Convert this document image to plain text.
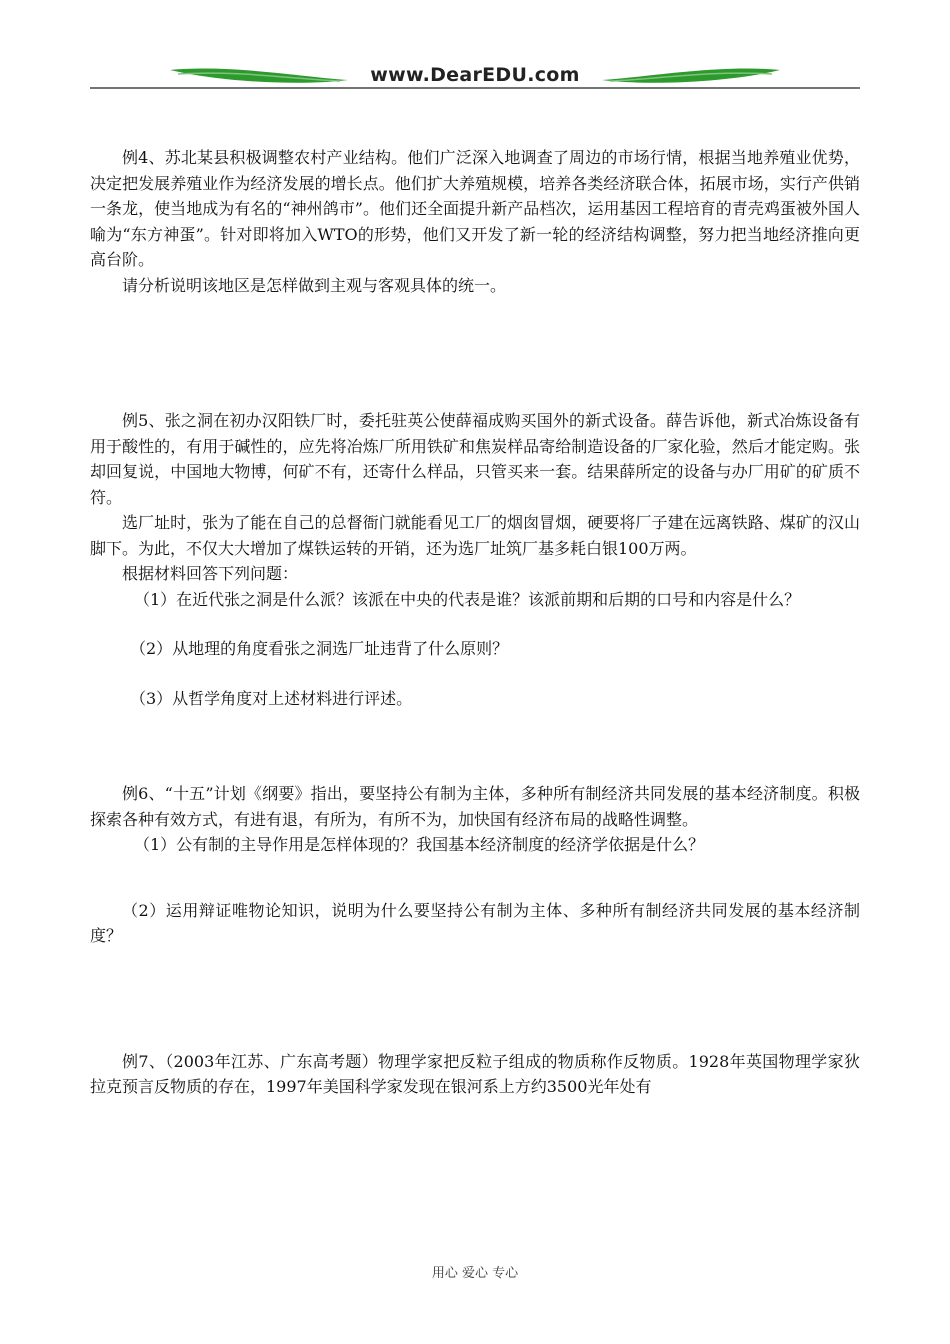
www.DearEDU.com

例4、苏北某县积极调整农村产业结构。他们广泛深入地调查了周边的市场行情，根据当地养殖业优势，决定把发展养殖业作为经济发展的增长点。他们扩大养殖规模，培养各类经济联合体，拓展市场，实行产供销一条龙，使当地成为有名的“神州鸽市”。他们还全面提升新产品档次，运用基因工程培育的青壳鸡蛋被外国人喻为“东方神蛋”。针对即将加入WTO的形势，他们又开发了新一轮的经济结构调整，努力把当地经济推向更高台阶。

请分析说明该地区是怎样做到主观与客观具体的统一。

例5、张之洞在初办汉阳铁厂时，委托驻英公使薛福成购买国外的新式设备。薛告诉他，新式冶炼设备有用于酸性的，有用于碱性的，应先将冶炼厂所用铁矿和焦炭样品寄给制造设备的厂家化验，然后才能定购。张却回复说，中国地大物博，何矿不有，还寄什么样品，只管买来一套。结果薛所定的设备与办厂用矿的矿质不符。

选厂址时，张为了能在自己的总督衙门就能看见工厂的烟囱冒烟，硬要将厂子建在远离铁路、煤矿的汉山脚下。为此，不仅大大增加了煤铁运转的开销，还为选厂址筑厂基多耗白银100万两。

根据材料回答下列问题：

（1）在近代张之洞是什么派？该派在中央的代表是谁？该派前期和后期的口号和内容是什么？

（2）从地理的角度看张之洞选厂址违背了什么原则？

（3）从哲学角度对上述材料进行评述。

例6、“十五”计划《纲要》指出，要坚持公有制为主体，多种所有制经济共同发展的基本经济制度。积极探索各种有效方式，有进有退，有所为，有所不为，加快国有经济布局的战略性调整。

（1）公有制的主导作用是怎样体现的？我国基本经济制度的经济学依据是什么？

（2）运用辩证唯物论知识，说明为什么要坚持公有制为主体、多种所有制经济共同发展的基本经济制度？

例7、（2003年江苏、广东高考题）物理学家把反粒子组成的物质称作反物质。1928年英国物理学家狄拉克预言反物质的存在，1997年美国科学家发现在银河系上方约3500光年处有

用心 爱心 专心
